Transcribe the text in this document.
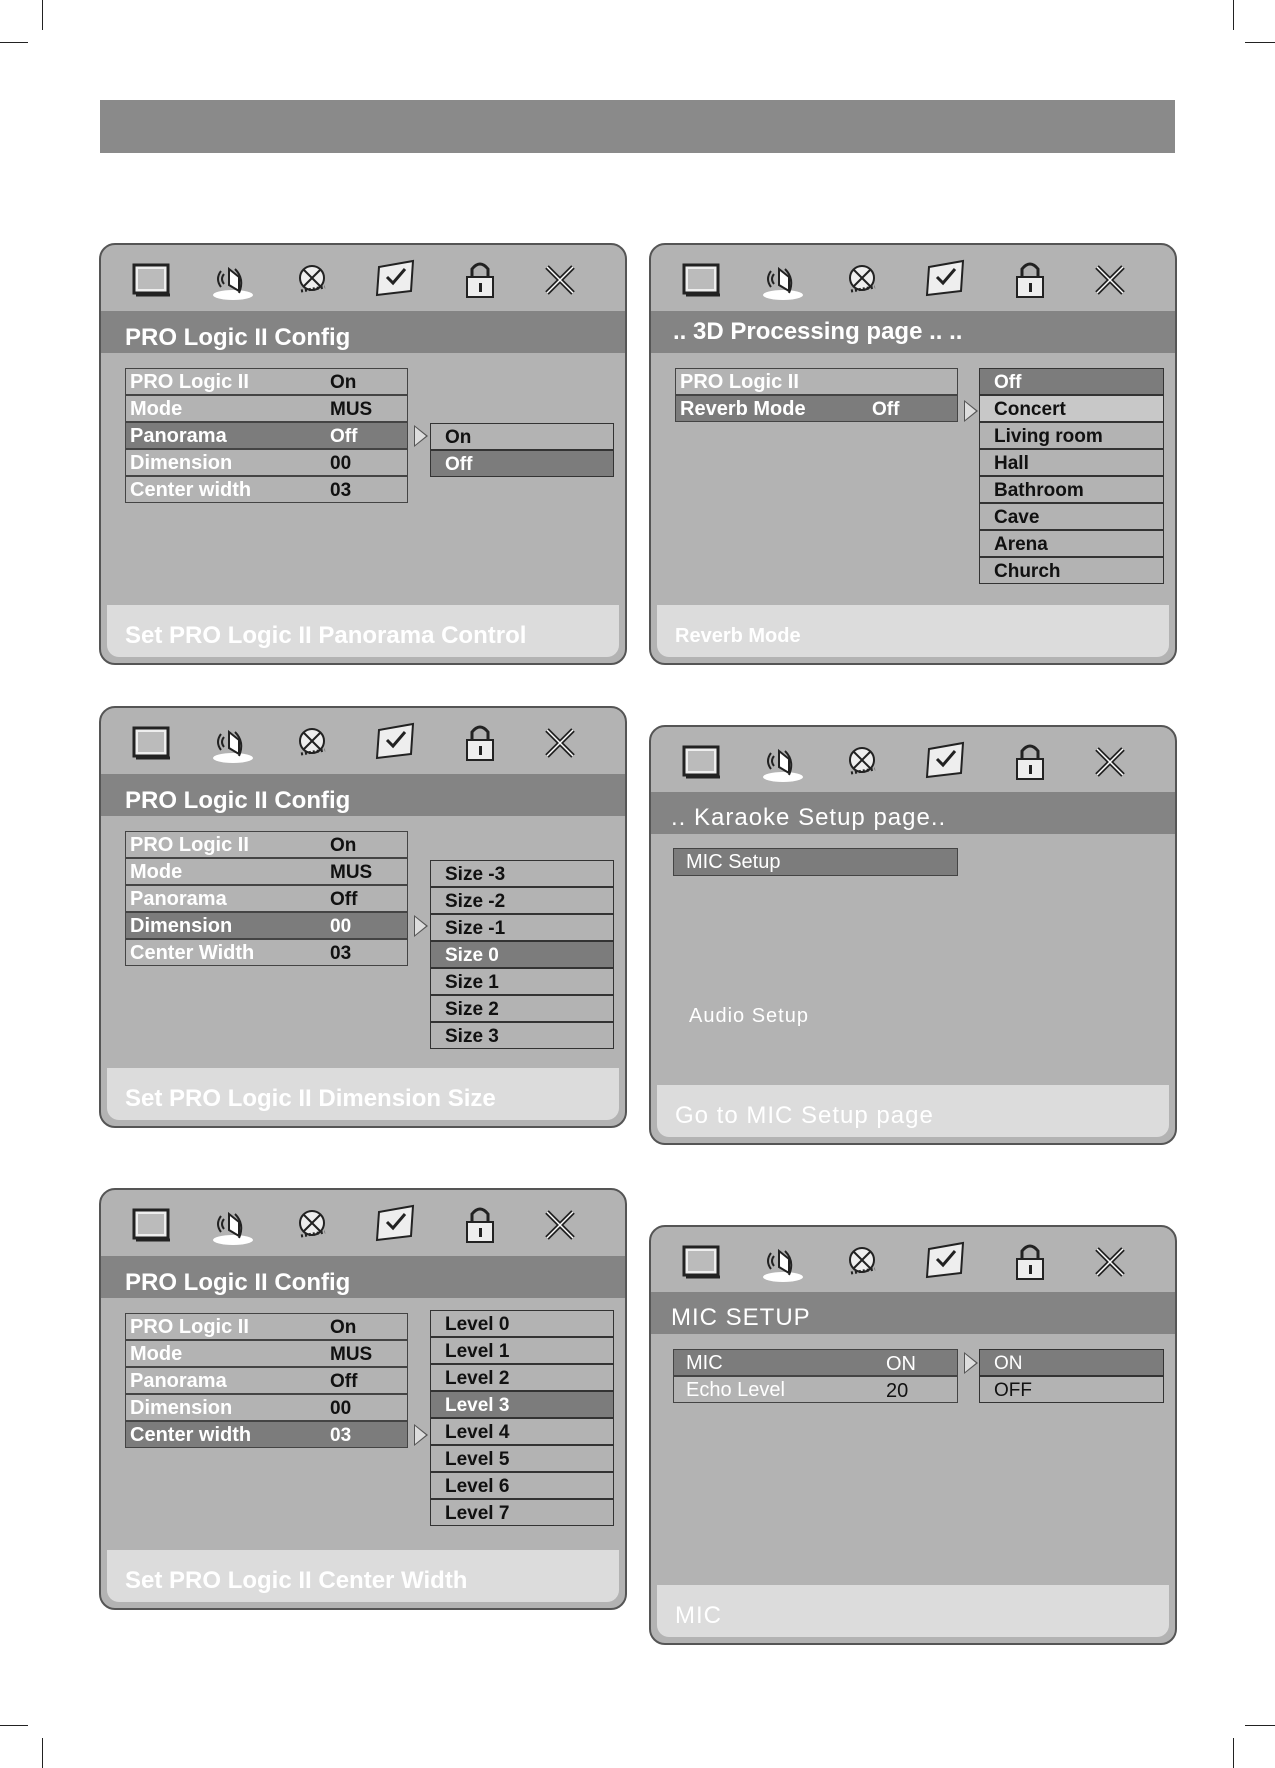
PRO Logic II Config
PRO Logic II	On
Mode	MUS
Panorama	Off
Dimension	00
Center width	03
On
Off
Set PRO Logic II Panorama Control
.. 3D Processing page .. ..
PRO Logic II
Reverb Mode	Off
Off
Concert
Living room
Hall
Bathroom
Cave
Arena
Church
Reverb Mode
PRO Logic II Config
PRO Logic II	On
Mode	MUS
Panorama	Off
Dimension	00
Center Width	03
Size -3
Size -2
Size -1
Size 0
Size 1
Size 2
Size 3
Set PRO Logic II Dimension Size
.. Karaoke Setup page..
MIC Setup
Audio Setup
Go to MIC Setup page
PRO Logic II Config
PRO Logic II	On
Mode	MUS
Panorama	Off
Dimension	00
Center width	03
Level 0
Level 1
Level 2
Level 3
Level 4
Level 5
Level 6
Level 7
Set PRO Logic II Center Width
MIC SETUP
MIC	ON
Echo Level	20
ON
OFF
MIC
